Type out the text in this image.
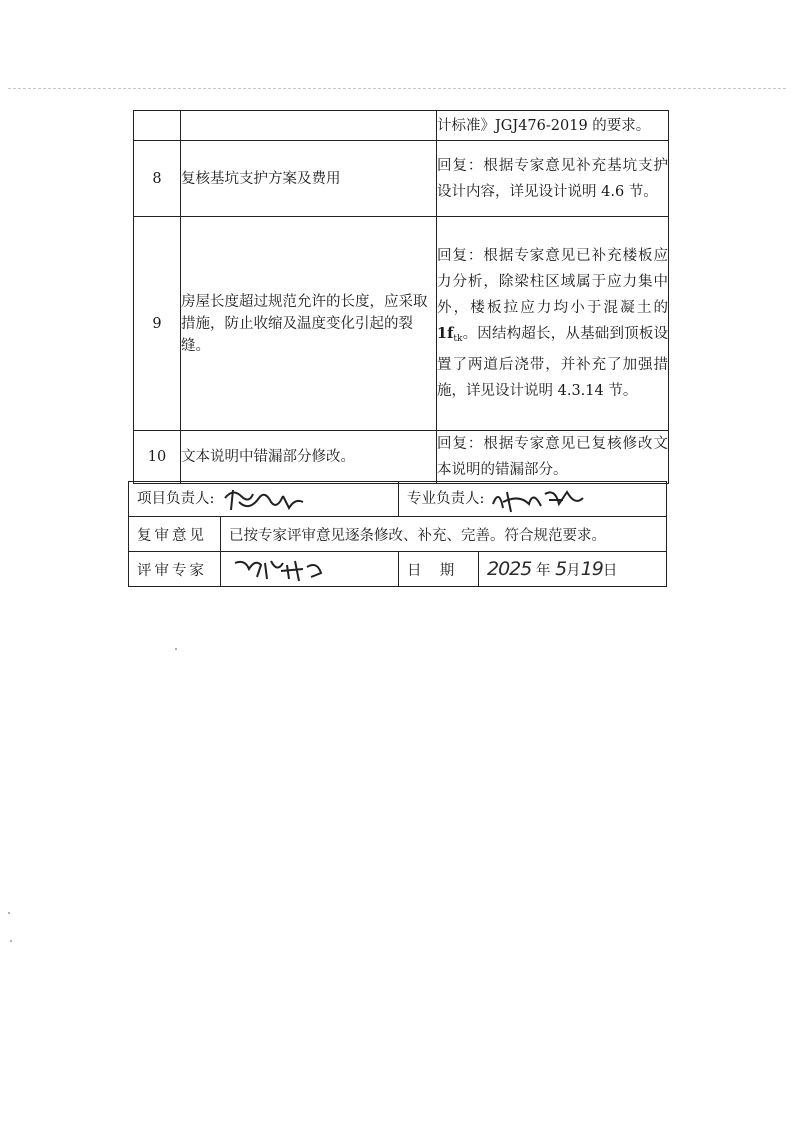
		计标准》JGJ476-2019 的要求。
8	复核基坑支护方案及费用	回复：根据专家意见补充基坑支护设计内容，详见设计说明 4.6 节。
9	房屋长度超过规范允许的长度，应采取措施，防止收缩及温度变化引起的裂缝。	回复：根据专家意见已补充楼板应力分析，除梁柱区域属于应力集中外，楼板拉应力均小于混凝土的$1f_{tk}$。因结构超长，从基础到顶板设置了两道后浇带，并补充了加强措施，详见设计说明 4.3.14 节。
10	文本说明中错漏部分修改。	回复：根据专家意见已复核修改文本说明的错漏部分。
项目负责人:		专业负责人:	
复审意见	已按专家评审意见逐条修改、补充、完善。符合规范要求。		
评审专家		日  期	2025 年 5月19日
